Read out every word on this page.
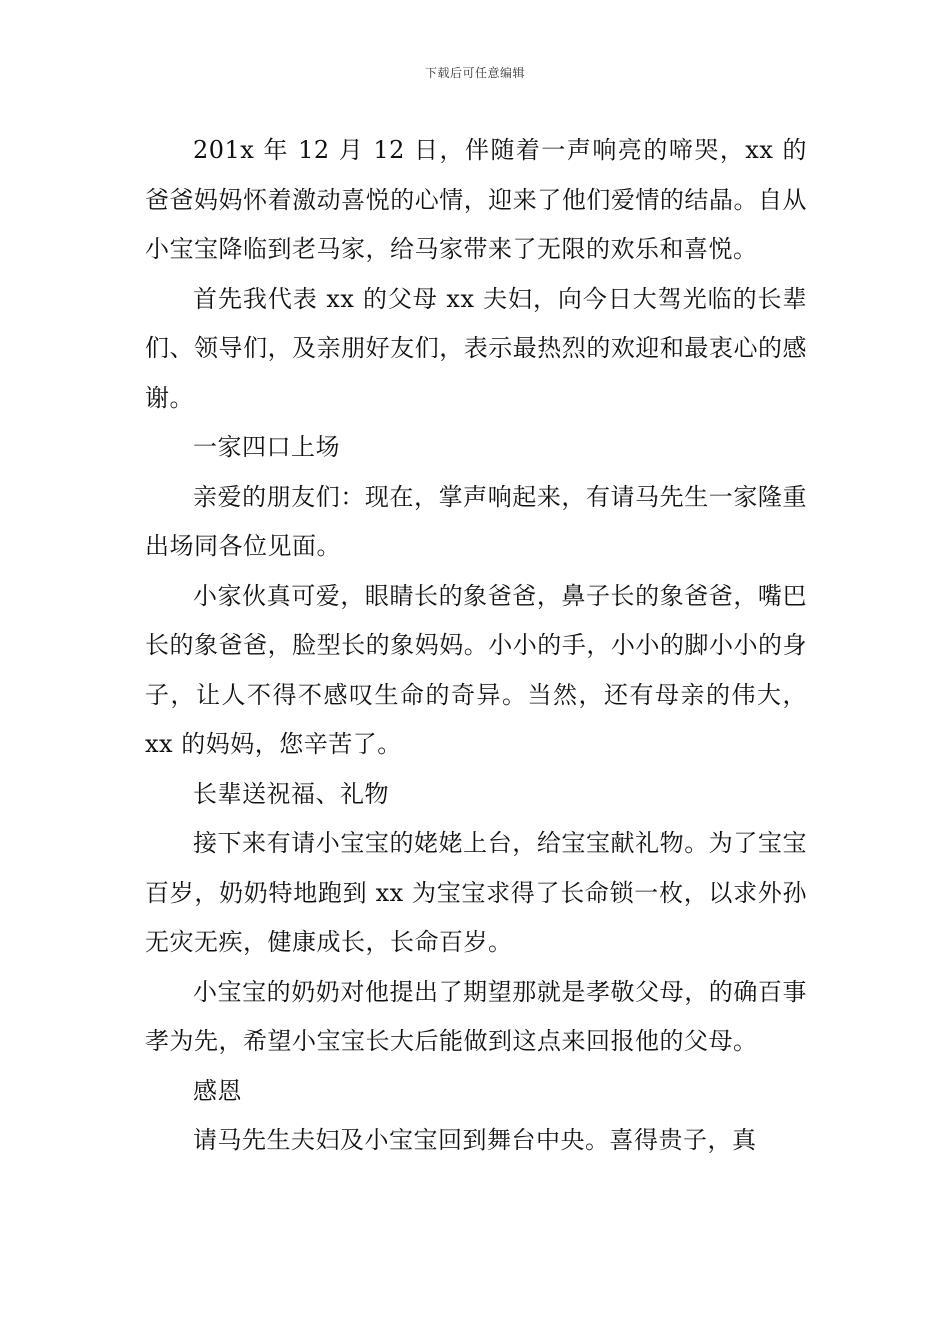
下载后可任意编辑

201x 年 12 月 12 日，伴随着一声响亮的啼哭，xx 的爸爸妈妈怀着激动喜悦的心情，迎来了他们爱情的结晶。自从小宝宝降临到老马家，给马家带来了无限的欢乐和喜悦。

首先我代表 xx 的父母 xx 夫妇，向今日大驾光临的长辈们、领导们，及亲朋好友们，表示最热烈的欢迎和最衷心的感谢。

一家四口上场

亲爱的朋友们：现在，掌声响起来，有请马先生一家隆重出场同各位见面。

小家伙真可爱，眼睛长的象爸爸，鼻子长的象爸爸，嘴巴长的象爸爸，脸型长的象妈妈。小小的手，小小的脚小小的身子，让人不得不感叹生命的奇异。当然，还有母亲的伟大，xx 的妈妈，您辛苦了。

长辈送祝福、礼物

接下来有请小宝宝的姥姥上台，给宝宝献礼物。为了宝宝百岁，奶奶特地跑到 xx 为宝宝求得了长命锁一枚，以求外孙无灾无疾，健康成长，长命百岁。

小宝宝的奶奶对他提出了期望那就是孝敬父母，的确百事孝为先，希望小宝宝长大后能做到这点来回报他的父母。

感恩

请马先生夫妇及小宝宝回到舞台中央。喜得贵子，真
